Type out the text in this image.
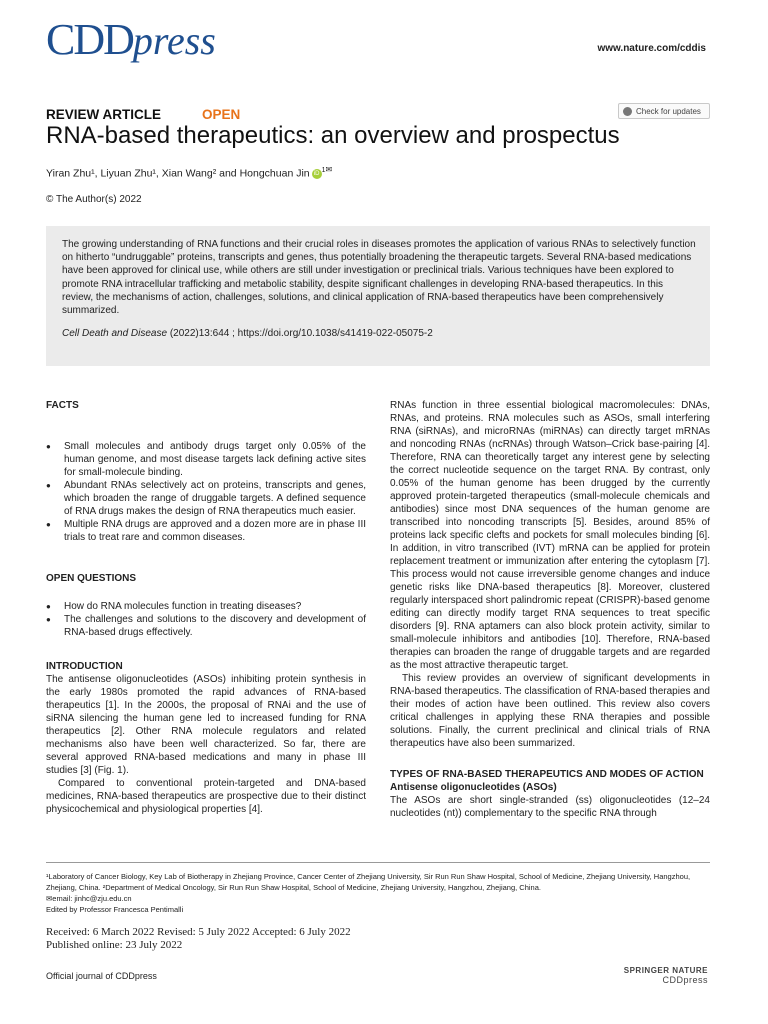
CDDpress	www.nature.com/cddis
REVIEW ARTICLE	OPEN	Check for updates
RNA-based therapeutics: an overview and prospectus
Yiran Zhu¹, Liyuan Zhu¹, Xian Wang² and Hongchuan Jin iD $^{1✉}$
© The Author(s) 2022

The growing understanding of RNA functions and their crucial roles in diseases promotes the application of various RNAs to selectively function on hitherto “undruggable” proteins, transcripts and genes, thus potentially broadening the therapeutic targets. Several RNA-based medications have been approved for clinical use, while others are still under investigation or preclinical trials. Various techniques have been explored to promote RNA intracellular trafficking and metabolic stability, despite significant challenges in developing RNA-based therapeutics. In this review, the mechanisms of action, challenges, solutions, and clinical application of RNA-based therapeutics have been comprehensively summarized.

Cell Death and Disease (2022)13:644 ; https://doi.org/10.1038/s41419-022-05075-2

FACTS

● Small molecules and antibody drugs target only 0.05% of the human genome, and most disease targets lack defining active sites for small-molecule binding.
● Abundant RNAs selectively act on proteins, transcripts and genes, which broaden the range of druggable targets. A defined sequence of RNA drugs makes the design of RNA therapeutics much easier.
● Multiple RNA drugs are approved and a dozen more are in phase III trials to treat rare and common diseases.

OPEN QUESTIONS

● How do RNA molecules function in treating diseases?
● The challenges and solutions to the discovery and development of RNA-based drugs effectively.

INTRODUCTION

The antisense oligonucleotides (ASOs) inhibiting protein synthesis in the early 1980s promoted the rapid advances of RNA-based therapeutics [1]. In the 2000s, the proposal of RNAi and the use of siRNA silencing the human gene led to increased funding for RNA therapeutics [2]. Other RNA molecule regulators and related mechanisms also have been well characterized. So far, there are several approved RNA-based medications and many in phase III studies [3] (Fig. 1).

Compared to conventional protein-targeted and DNA-based medicines, RNA-based therapeutics are prospective due to their distinct physicochemical and physiological properties [4].

RNAs function in three essential biological macromolecules: DNAs, RNAs, and proteins. RNA molecules such as ASOs, small interfering RNA (siRNAs), and microRNAs (miRNAs) can directly target mRNAs and noncoding RNAs (ncRNAs) through Watson–Crick base-pairing [4]. Therefore, RNA can theoretically target any interest gene by selecting the correct nucleotide sequence on the target RNA. By contrast, only 0.05% of the human genome has been drugged by the currently approved protein-targeted therapeutics (small-molecule chemicals and antibodies) since most DNA sequences of the human genome are transcribed into noncoding transcripts [5]. Besides, around 85% of proteins lack specific clefts and pockets for small molecules binding [6]. In addition, in vitro transcribed (IVT) mRNA can be applied for protein replacement treatment or immunization after entering the cytoplasm [7]. This process would not cause irreversible genome changes and induce genetic risks like DNA-based therapeutics [8]. Moreover, clustered regularly interspaced short palindromic repeat (CRISPR)-based genome editing can directly modify target RNA sequences to treat specific disorders [9]. RNA aptamers can also block protein activity, similar to small-molecule inhibitors and antibodies [10]. Therefore, RNA-based therapies can broaden the range of druggable targets and are regarded as the most attractive therapeutic target.

This review provides an overview of significant developments in RNA-based therapeutics. The classification of RNA-based therapies and their modes of action have been outlined. This review also covers critical challenges in applying these RNA therapies and possible solutions. Finally, the current preclinical and clinical trials of RNA therapeutics have also been summarized.

TYPES OF RNA-BASED THERAPEUTICS AND MODES OF ACTION

Antisense oligonucleotides (ASOs)

The ASOs are short single-stranded (ss) oligonucleotides (12–24 nucleotides (nt)) complementary to the specific RNA through

¹Laboratory of Cancer Biology, Key Lab of Biotherapy in Zhejiang Province, Cancer Center of Zhejiang University, Sir Run Run Shaw Hospital, School of Medicine, Zhejiang University, Hangzhou, Zhejiang, China. ²Department of Medical Oncology, Sir Run Run Shaw Hospital, School of Medicine, Zhejiang University, Hangzhou, Zhejiang, China.
✉email: jinhc@zju.edu.cn
Edited by Professor Francesca Pentimalli
Received: 6 March 2022 Revised: 5 July 2022 Accepted: 6 July 2022
Published online: 23 July 2022
Official journal of CDDpress
SPRINGER NATURE
CDDpress
